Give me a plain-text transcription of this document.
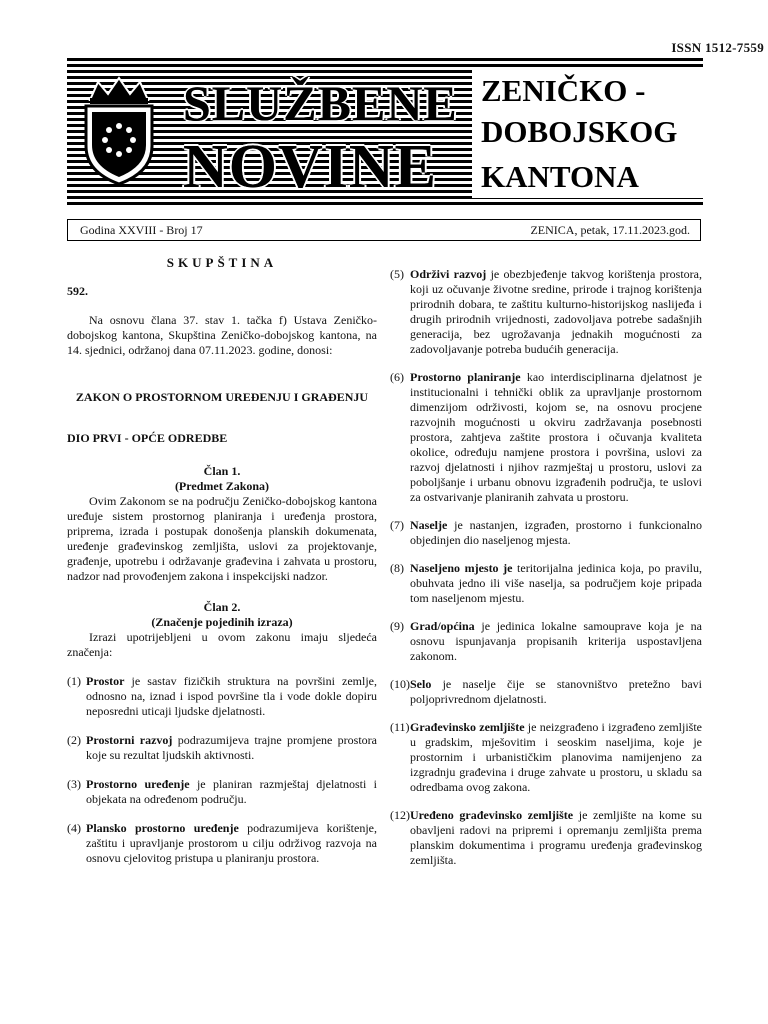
ISSN 1512-7559
SLUŽBENE
NOVINE
ZENIČKO -
DOBOJSKOG
KANTONA
Godina XXVIII - Broj 17	ZENICA, petak, 17.11.2023.god.
SKUPŠTINA
592.

Na osnovu člana 37. stav 1. tačka f) Ustava Zeničko-dobojskog kantona, Skupština Zeničko-dobojskog kantona, na 14. sjednici, održanoj dana 07.11.2023. godine, donosi:

ZAKON O PROSTORNOM UREĐENJU I GRAĐENJU
DIO PRVI - OPĆE ODREDBE
Član 1.
(Predmet Zakona)

Ovim Zakonom se na području Zeničko-dobojskog kantona uređuje sistem prostornog planiranja i uređenja prostora, priprema, izrada i postupak donošenja planskih dokumenata, uređenje građevinskog zemljišta, uslovi za projektovanje, građenje, upotrebu i održavanje građevina i zahvata u prostoru, nadzor nad provođenjem zakona i inspekcijski nadzor.

Član 2.
(Značenje pojedinih izraza)

Izrazi upotrijebljeni u ovom zakonu imaju sljedeća značenja:

(1) Prostor je sastav fizičkih struktura na površini zemlje, odnosno na, iznad i ispod površine tla i vode dokle dopiru neposredni uticaji ljudske djelatnosti.
(2) Prostorni razvoj podrazumijeva trajne promjene prostora koje su rezultat ljudskih aktivnosti.
(3) Prostorno uređenje je planiran razmještaj djelatnosti i objekata na određenom području.
(4) Plansko prostorno uređenje podrazumijeva korištenje, zaštitu i upravljanje prostorom u cilju održivog razvoja na osnovu cjelovitog pristupa u planiranju prostora.
(5) Održivi razvoj je obezbjeđenje takvog korištenja prostora, koji uz očuvanje životne sredine, prirode i trajnog korištenja prirodnih dobara, te zaštitu kulturno-historijskog naslijeđa i drugih prirodnih vrijednosti, zadovoljava potrebe sadašnjih generacija, bez ugrožavanja jednakih mogućnosti za zadovoljavanje potreba budućih generacija.
(6) Prostorno planiranje kao interdisciplinarna djelatnost je institucionalni i tehnički oblik za upravljanje prostornom dimenzijom održivosti, kojom se, na osnovu procjene razvojnih mogućnosti u okviru zadržavanja posebnosti prostora, zahtjeva zaštite prostora i očuvanja kvaliteta okolice, određuju namjene prostora i površina, uslovi za razvoj djelatnosti i njihov razmještaj u prostoru, uslovi za poboljšanje i urbanu obnovu izgrađenih područja, te uslovi za ostvarivanje planiranih zahvata u prostoru.
(7) Naselje je nastanjen, izgrađen, prostorno i funkcionalno objedinjen dio naseljenog mjesta.
(8) Naseljeno mjesto je teritorijalna jedinica koja, po pravilu, obuhvata jedno ili više naselja, sa područjem koje pripada tom naseljenom mjestu.
(9) Grad/općina je jedinica lokalne samouprave koja je na osnovu ispunjavanja propisanih kriterija uspostavljena zakonom.
(10) Selo je naselje čije se stanovništvo pretežno bavi poljoprivrednom djelatnosti.
(11) Građevinsko zemljište je neizgrađeno i izgrađeno zemljište u gradskim, mješovitim i seoskim naseljima, koje je prostornim i urbanističkim planovima namijenjeno za izgradnju građevina i druge zahvate u prostoru, u skladu sa odredbama ovog zakona.
(12) Uređeno građevinsko zemljište je zemljište na kome su obavljeni radovi na pripremi i opremanju zemljišta prema planskim dokumentima i programu uređenja građevinskog zemljišta.
